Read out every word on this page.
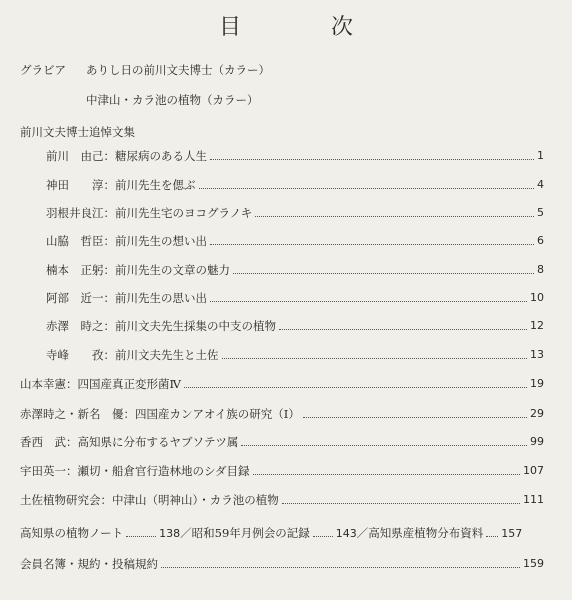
目　次
グラビア ありし日の前川文夫博士（カラー）
中津山・カラ池の植物（カラー）
前川文夫博士追悼文集
前川　由己： 糖尿病のある人生	1
神田　　淳： 前川先生を偲ぶ	4
羽根井良江： 前川先生宅のヨコグラノキ	5
山脇　哲臣： 前川先生の想い出	6
楠本　正躬： 前川先生の文章の魅力	8
阿部　近一： 前川先生の思い出	10
赤澤　時之： 前川文夫先生採集の中支の植物	12
寺峰　　孜： 前川文夫先生と土佐	13
山本幸憲： 四国産真正変形菌Ⅳ	19
赤澤時之・新名　優： 四国産カンアオイ族の研究（Ⅰ）	29
香西　武： 高知県に分布するヤブソテツ属	99
宇田英一： 瀬切・船倉官行造林地のシダ目録	107
土佐植物研究会： 中津山（明神山）・カラ池の植物	111
高知県の植物ノート	138 ／昭和59年月例会の記録 143 ／高知県産植物分布資料 157
会員名簿・規約・投稿規約	159
